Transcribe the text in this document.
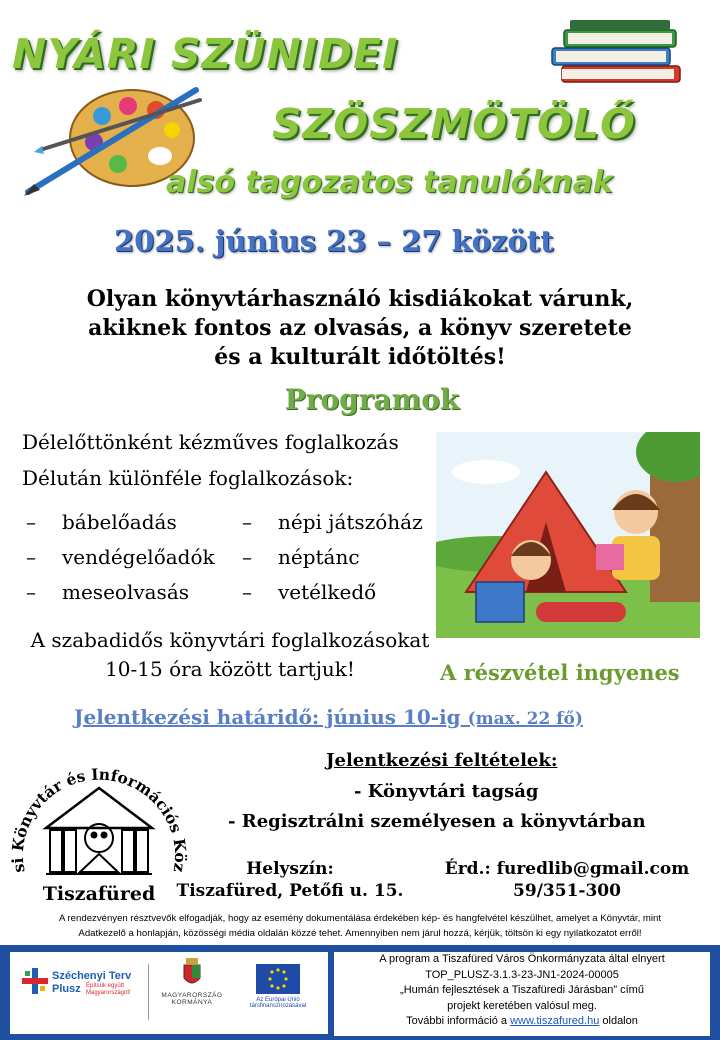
NYÁRI SZÜNIDEI
SZÖSZMÖTÖLŐ
alsó tagozatos tanulóknak
2025. június 23 – 27 között
Olyan könyvtárhasználó kisdiákokat várunk,
akiknek fontos az olvasás, a könyv szeretete
és a kulturált időtöltés!
Programok
Délelőttönként kézműves foglalkozás
Délután különféle foglalkozások:
– bábelőadás
– vendégelőadók
– meseolvasás
– népi játszóház
– néptánc
– vetélkedő
A szabadidős könyvtári foglalkozásokat
10-15 óra között tartjuk!	A részvétel ingyenes
Jelentkezési határidő: június 10-ig (max. 22 fő)
si Könyvtár és Információs Köz
Tiszafüred
Jelentkezési feltételek:
- Könyvtári tagság
- Regisztrálni személyesen a könyvtárban
Helyszín:
Tiszafüred, Petőfi u. 15.
Érd.: furedlib@gmail.com
59/351-300
A rendezvényen résztvevők elfogadják, hogy az esemény dokumentálása érdekében kép- és hangfelvétel készülhet, amelyet a Könyvtár, mint
Adatkezelő a honlapján, közösségi média oldalán közzé tehet. Amennyiben nem járul hozzá, kérjük, töltsön ki egy nyilatkozatot erről!
Széchenyi Terv
Plusz Építsük együtt
Magyarországot!	MAGYARORSZÁG
KORMÁNYA	Az Európai Unió
társfinanszírozásával
A program a Tiszafüred Város Önkormányzata által elnyert
TOP_PLUSZ-3.1.3-23-JN1-2024-00005
„Humán fejlesztések a Tiszafüredi Járásban” című
projekt keretében valósul meg.
További információ a www.tiszafured.hu oldalon
